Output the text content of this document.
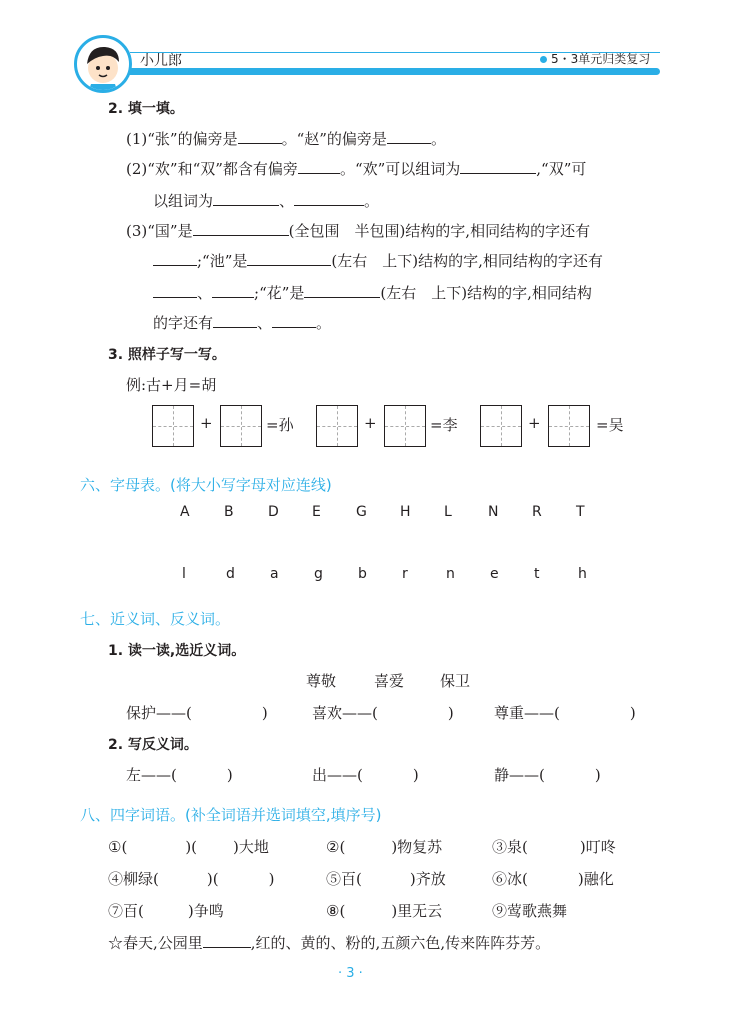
小儿郎	5・3单元归类复习
2. 填一填。
(1)“张”的偏旁是	。“赵”的偏旁是	。
(2)“欢”和“双”都含有偏旁	。“欢”可以组词为	,“双”可
以组词为	、	。
(3)“国”是	(全包围　半包围)结构的字,相同结构的字还有
;“池”是	(左右　上下)结构的字,相同结构的字还有
、	;“花”是	(左右　上下)结构的字,相同结构
的字还有	、	。
3. 照样子写一写。
例:古+月=胡
+	=孙	+	=李	+	=吴
六、字母表。(将大小写字母对应连线)
A B D E	G H L	N R T
l	d	a	g	b	r	n	e	t	h
七、近义词、反义词。
1. 读一读,选近义词。
尊敬	喜爱 保卫
保护——(	)	喜欢——(	)	尊重——(	)
2. 写反义词。
左——(	)	出——(	)	静——(	)
八、四字词语。(补全词语并选词填空,填序号)
①(	)( )大地	②(	)物复苏	③泉(	)叮咚
④柳绿(	)(	)	⑤百(	)齐放	⑥冰(	)融化
⑦百(	)争鸣	⑧(	)里无云	⑨莺歌燕舞
☆春天,公园里	,红的、黄的、粉的,五颜六色,传来阵阵芬芳。
· 3 ·
